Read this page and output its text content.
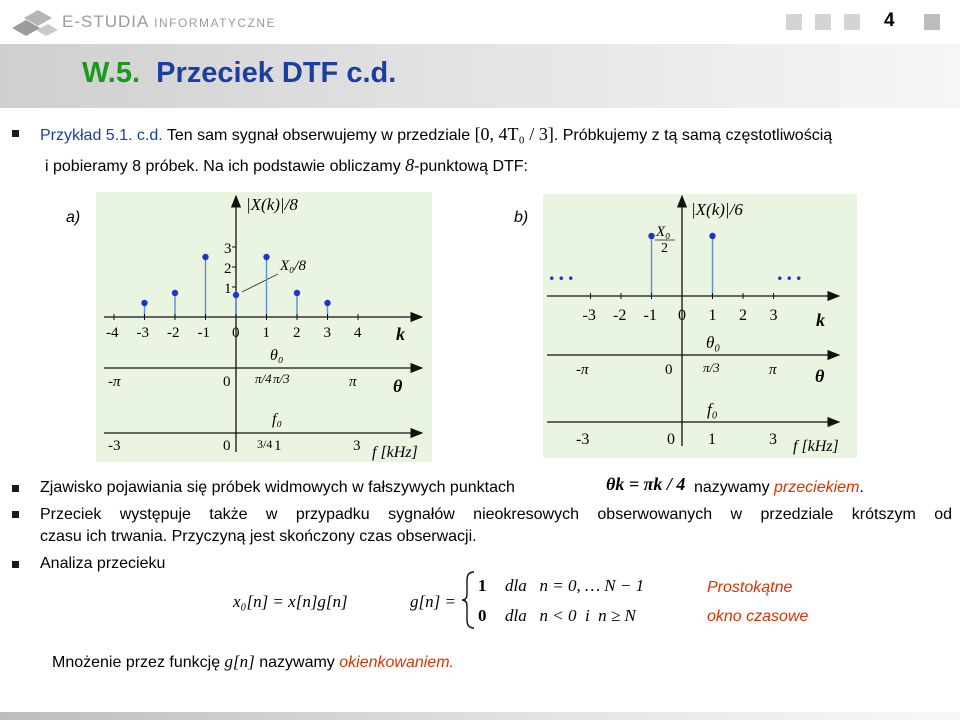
E-STUDIA INFORMATYCZNE	4
W.5. Przeciek DTF c.d.
Przykład 5.1. c.d. Ten sam sygnał obserwujemy w przedziale [0, 4T₀ / 3]. Próbkujemy z tą samą częstotliwością
i pobieramy 8 próbek. Na ich podstawie obliczamy 8-punktową DTF:
a)
3
2
1
|X(k)|/8
X₀/8
-4 -3 -2 -1 0 1 2 3 4 k
θ₀
-π	0 π/4 π/3	π θ
f₀
-3	0 3/4 1	3 f [kHz]
b)	|X(k)|/6
X₀
2
...	...
-3 -2 -1 0 1 2 3 k
θ₀
-π	0 π/3	π θ
f₀
-3	0 1	3 f [kHz]
Zjawisko pojawiania się próbek widmowych w fałszywych punktach	θk = πk / 4 nazywamy przeciekiem.
Przeciek występuje także w przypadku sygnałów nieokresowych obserwowanych w przedziale krótszym od
czasu ich trwania. Przyczyną jest skończony czas obserwacji.
Analiza przecieku
x₀[n] = x[n]g[n]	g[n] =
1 dla   n = 0, … N − 1
0 dla   n < 0  i  n ≥ N
Prostokątne
okno czasowe
Mnożenie przez funkcję g[n] nazywamy okienkowaniem.
